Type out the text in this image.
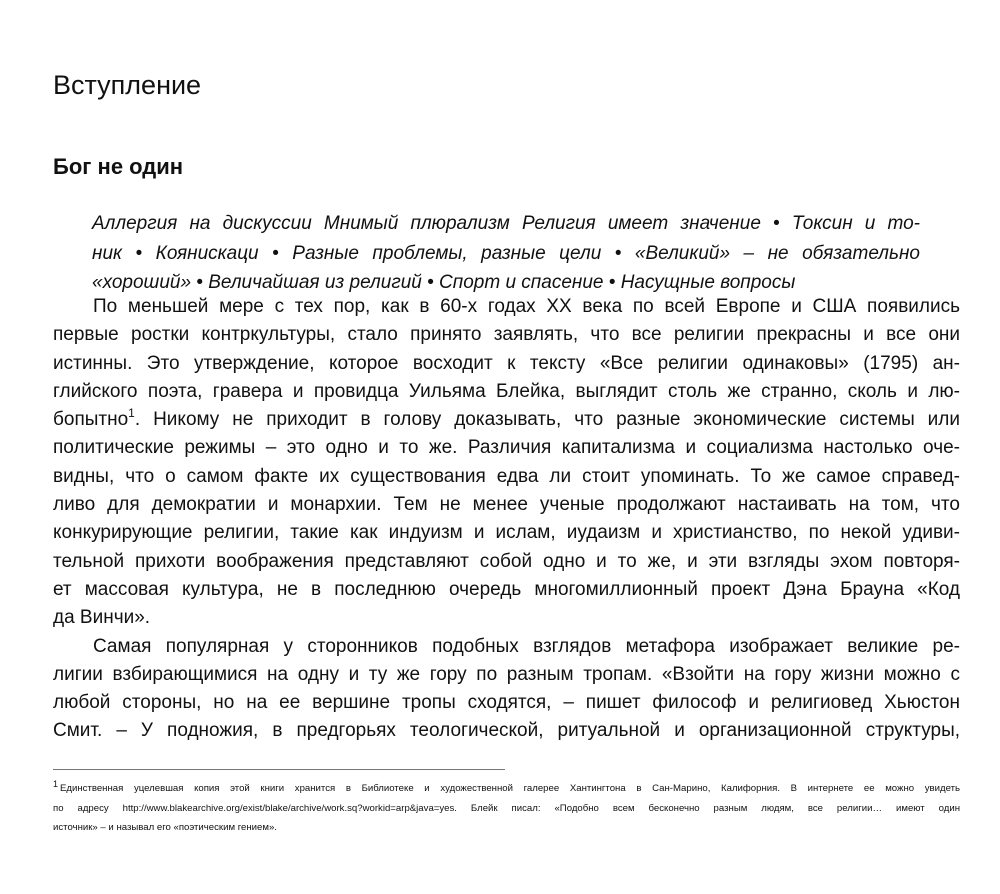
Вступление
Бог не один
Аллергия на дискуссии Мнимый плюрализм Религия имеет значение • Токсин и то-
ник • Коянискаци • Разные проблемы, разные цели • «Великий» – не обязательно
«хороший» • Величайшая из религий • Спорт и спасение • Насущные вопросы
По меньшей мере с тех пор, как в 60-х годах XX века по всей Европе и США появились
первые ростки контркультуры, стало принято заявлять, что все религии прекрасны и все они
истинны. Это утверждение, которое восходит к тексту «Все религии одинаковы» (1795) ан-
глийского поэта, гравера и провидца Уильяма Блейка, выглядит столь же странно, сколь и лю-
бопытно$^1$. Никому не приходит в голову доказывать, что разные экономические системы или
политические режимы – это одно и то же. Различия капитализма и социализма настолько оче-
видны, что о самом факте их существования едва ли стоит упоминать. То же самое справед-
ливо для демократии и монархии. Тем не менее ученые продолжают настаивать на том, что
конкурирующие религии, такие как индуизм и ислам, иудаизм и христианство, по некой удиви-
тельной прихоти воображения представляют собой одно и то же, и эти взгляды эхом повторя-
ет массовая культура, не в последнюю очередь многомиллионный проект Дэна Брауна «Код
да Винчи».
Самая популярная у сторонников подобных взглядов метафора изображает великие ре-
лигии взбирающимися на одну и ту же гору по разным тропам. «Взойти на гору жизни можно с
любой стороны, но на ее вершине тропы сходятся, – пишет философ и религиовед Хьюстон
Смит. – У подножия, в предгорьях теологической, ритуальной и организационной структуры,
1 Единственная уцелевшая копия этой книги хранится в Библиотеке и художественной галерее Хантингтона в Сан-Марино, Калифорния. В интернете ее можно увидеть
по адресу http://www.blakearchive.org/exist/blake/archive/work.sq?workid=arp&java=yes. Блейк писал: «Подобно всем бесконечно разным людям, все религии… имеют один
источник» – и называл его «поэтическим гением».
